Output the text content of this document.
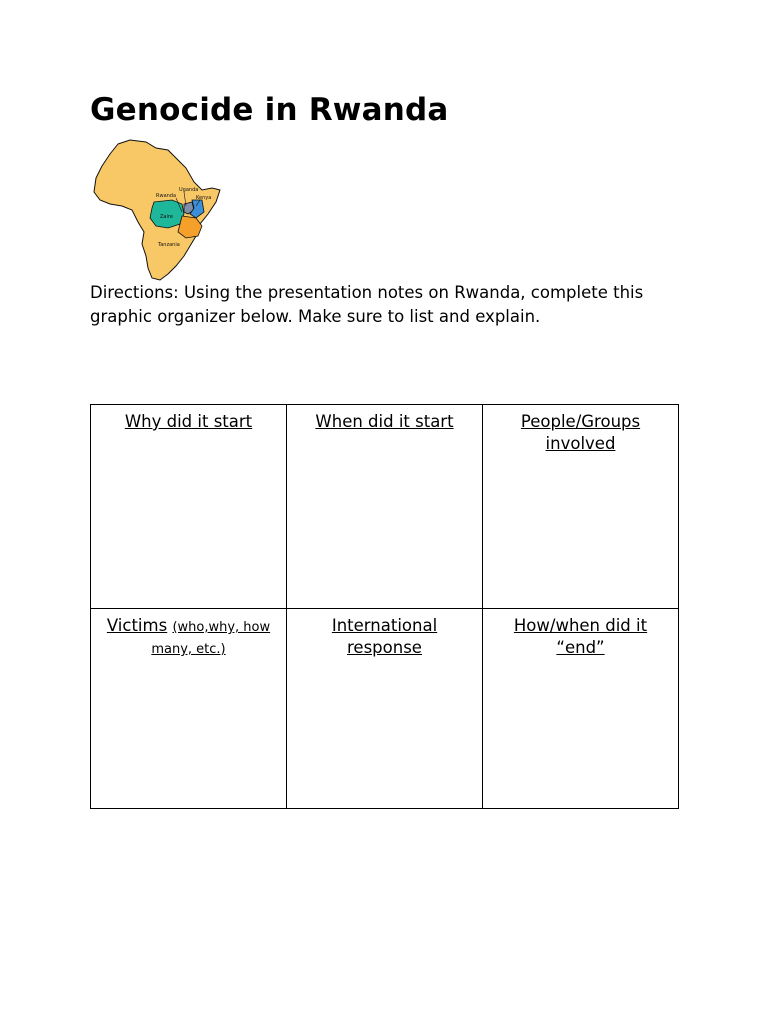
Genocide in Rwanda
Uganda
Rwanda	Kenya
Zaire
Tanzania

Directions: Using the presentation notes on Rwanda, complete this graphic organizer below. Make sure to list and explain.

Why did it start	When did it start	People/Groups involved
Victims (who,why, how many, etc.)	International response	How/when did it “end”
